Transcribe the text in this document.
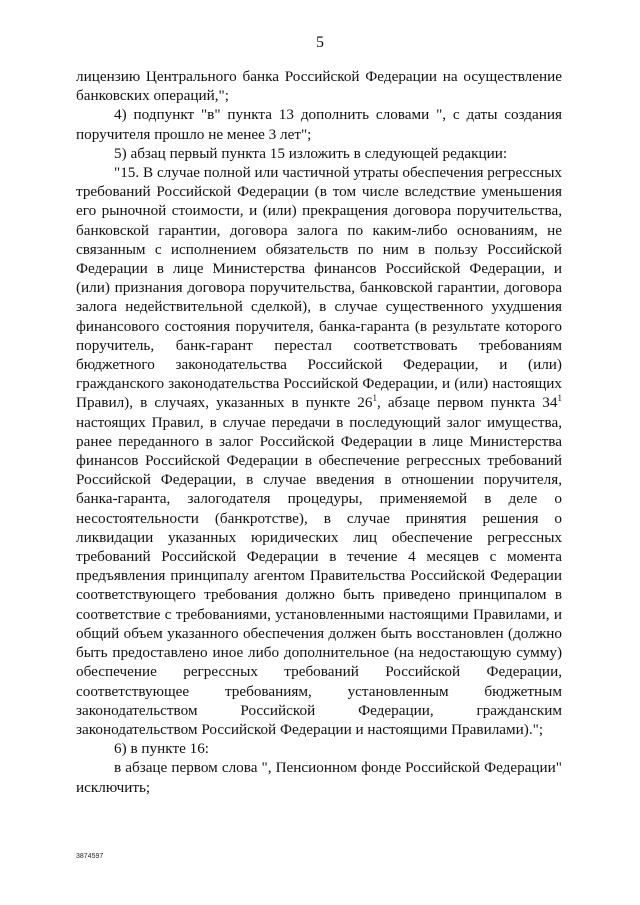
5

лицензию Центрального банка Российской Федерации на осуществление банковских операций,";

4) подпункт "в" пункта 13 дополнить словами ", с даты создания поручителя прошло не менее 3 лет";

5) абзац первый пункта 15 изложить в следующей редакции:

"15. В случае полной или частичной утраты обеспечения регрессных требований Российской Федерации (в том числе вследствие уменьшения его рыночной стоимости, и (или) прекращения договора поручительства, банковской гарантии, договора залога по каким-либо основаниям, не связанным с исполнением обязательств по ним в пользу Российской Федерации в лице Министерства финансов Российской Федерации, и (или) признания договора поручительства, банковской гарантии, договора залога недействительной сделкой), в случае существенного ухудшения финансового состояния поручителя, банка-гаранта (в результате которого поручитель, банк-гарант перестал соответствовать требованиям бюджетного законодательства Российской Федерации, и (или) гражданского законодательства Российской Федерации, и (или) настоящих Правил), в случаях, указанных в пункте $26^1$, абзаце первом пункта $34^1$ настоящих Правил, в случае передачи в последующий залог имущества, ранее переданного в залог Российской Федерации в лице Министерства финансов Российской Федерации в обеспечение регрессных требований Российской Федерации, в случае введения в отношении поручителя, банка-гаранта, залогодателя процедуры, применяемой в деле о несостоятельности (банкротстве), в случае принятия решения о ликвидации указанных юридических лиц обеспечение регрессных требований Российской Федерации в течение 4 месяцев с момента предъявления принципалу агентом Правительства Российской Федерации соответствующего требования должно быть приведено принципалом в соответствие с требованиями, установленными настоящими Правилами, и общий объем указанного обеспечения должен быть восстановлен (должно быть предоставлено иное либо дополнительное (на недостающую сумму) обеспечение регрессных требований Российской Федерации, соответствующее требованиям, установленным бюджетным законодательством Российской Федерации, гражданским законодательством Российской Федерации и настоящими Правилами).";

6) в пункте 16:

в абзаце первом слова ", Пенсионном фонде Российской Федерации" исключить;

3874597
